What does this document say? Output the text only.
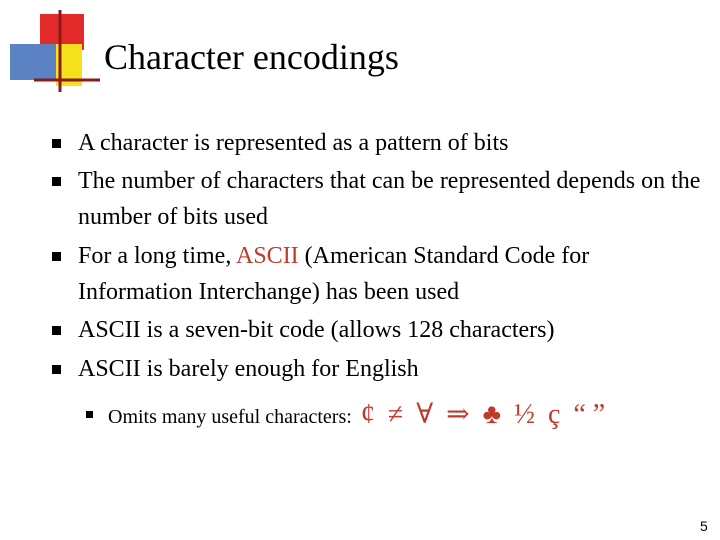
Character encodings
A character is represented as a pattern of bits
The number of characters that can be represented depends on the number of bits used
For a long time, ASCII (American Standard Code for Information Interchange) has been used
ASCII is a seven-bit code (allows 128 characters)
ASCII is barely enough for English
Omits many useful characters: ¢ ≠ ∀ ⇒ ♣ ½ ç “ ”
5
